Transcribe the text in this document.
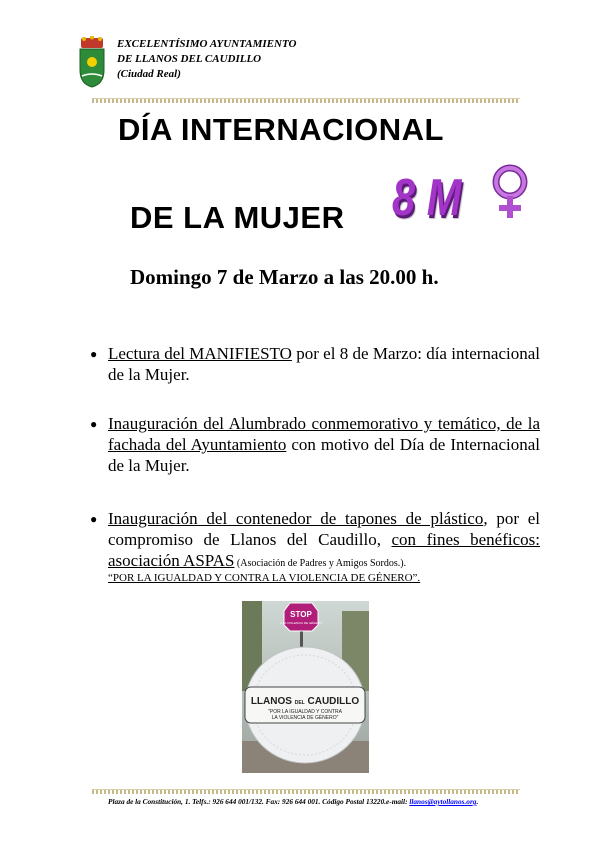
EXCELENTÍSIMO AYUNTAMIENTO
DE LLANOS DEL CAUDILLO
(Ciudad Real)
DÍA INTERNACIONAL
DE LA MUJER 8 M
Domingo 7 de Marzo a las 20.00 h.
● Lectura del MANIFIESTO por el 8 de Marzo: día internacional de la Mujer.
● Inauguración del Alumbrado conmemorativo y temático, de la fachada del Ayuntamiento con motivo del Día de Internacional de la Mujer.
● Inauguración del contenedor de tapones de plástico, por el compromiso de Llanos del Caudillo, con fines benéficos: asociación ASPAS (Asociación de Padres y Amigos Sordos.).
“POR LA IGUALDAD Y CONTRA LA VIOLENCIA DE GÉNERO”.
STOP
A LA VIOLENCIA DE GÉNERO
LLANOS DEL CAUDILLO
"POR LA IGUALDAD Y CONTRA
LA VIOLENCIA DE GÉNERO"
Plaza de la Constitución, 1. Telfs.: 926 644 001/132. Fax: 926 644 001. Código Postal 13220.e-mail: llanos@aytollanos.org.
